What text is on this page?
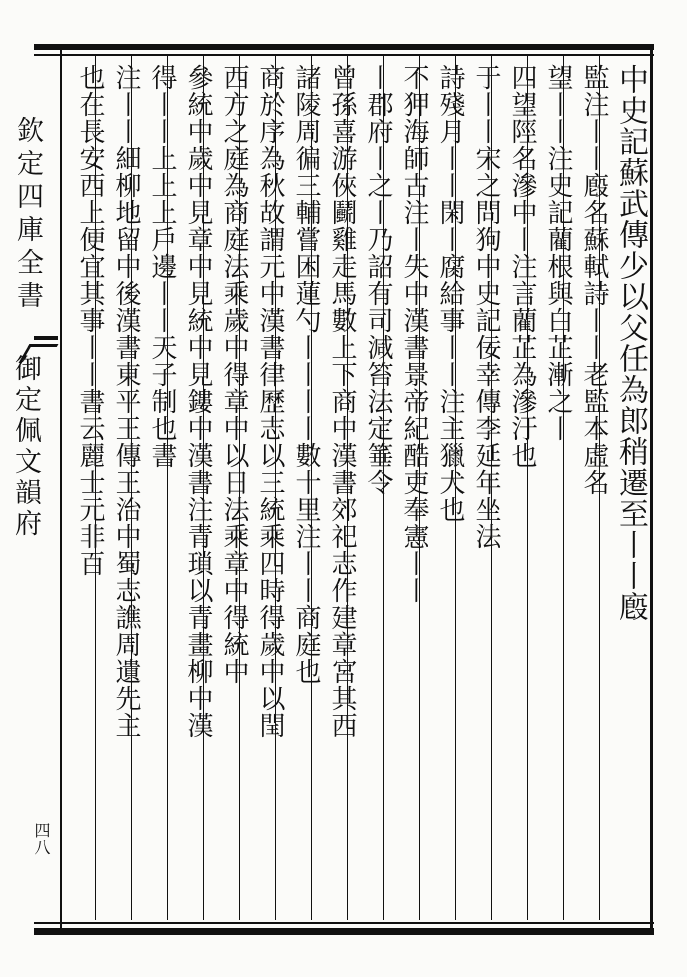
欽定四庫全書
御定佩文韻府
四八
中史記蘇武傳少以父任為郎稍遷至丨丨廏
監注丨丨廏名蘇軾詩丨丨老監本虛名
望丨丨注史記藺根與白芷漸之丨
四望陘名滲中丨注言藺芷為滲汙也
于丨丨宋之問狗中史記佞幸傳李延年坐法
詩殘月丨丨閑丨腐給事丨丨注主獵犬也
不狎海師古注丨失中漢書景帝紀酷吏奉憲丨丨
丨郡府丨之丨乃詔有司減笞法定箠令
曾孫喜游俠鬬雞走馬數上下商中漢書郊祀志作建章宮其西
諸陵周徧三輔嘗困蓮勺丨丨丨丨數十里注丨丨商庭也
商於序為秋故謂元中漢書律歷志以三統乘四時得歲中以閏
西方之庭為商庭法乘歲中得章中以日法乘章中得統中
參統中歲中見章中見統中見鏤中漢書注青瑣以青畫柳中漢
得丨丨上上上戶邊丨丨天子制也書
注丨丨細柳地留中後漢書東平王傳王治中蜀志譙周遺先主
也在長安西上便宜其事丨丨書云麗士元非百
